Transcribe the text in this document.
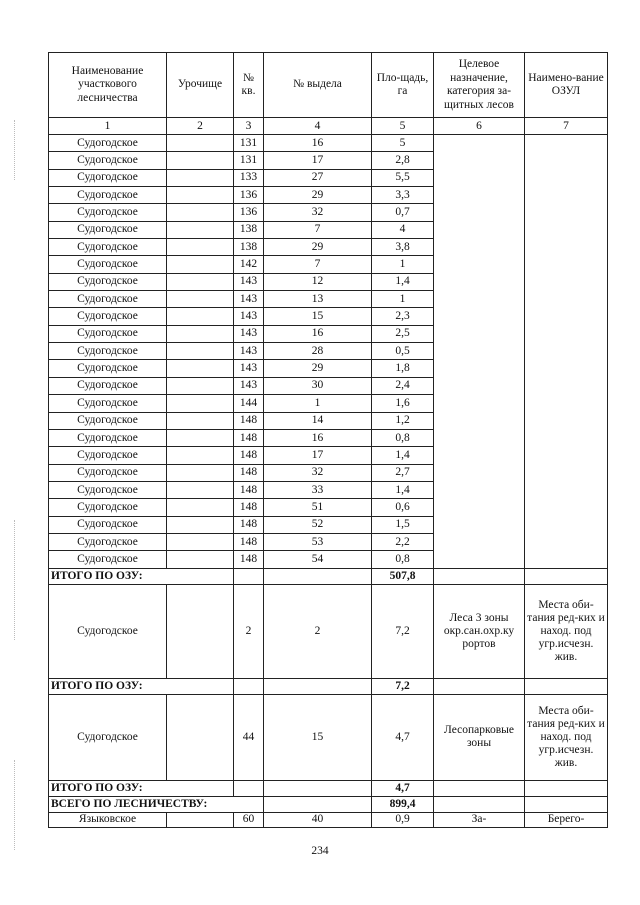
Наименование участкового лесничества	Урочище	№ кв.	№ выдела	Пло-щадь, га	Целевое назначение, категория за-щитных лесов	Наимено-вание ОЗУЛ
1	2	3	4	5	6	7
Судогодское		131	16	5		
Судогодское		131	17	2,8		
Судогодское		133	27	5,5		
Судогодское		136	29	3,3		
Судогодское		136	32	0,7		
Судогодское		138	7	4		
Судогодское		138	29	3,8		
Судогодское		142	7	1		
Судогодское		143	12	1,4		
Судогодское		143	13	1		
Судогодское		143	15	2,3		
Судогодское		143	16	2,5		
Судогодское		143	28	0,5		
Судогодское		143	29	1,8		
Судогодское		143	30	2,4		
Судогодское		144	1	1,6		
Судогодское		148	14	1,2		
Судогодское		148	16	0,8		
Судогодское		148	17	1,4		
Судогодское		148	32	2,7		
Судогодское		148	33	1,4		
Судогодское		148	51	0,6		
Судогодское		148	52	1,5		
Судогодское		148	53	2,2		
Судогодское		148	54	0,8		
ИТОГО ПО ОЗУ:				507,8		
Судогодское		2	2	7,2	Леса 3 зоны окр.сан.охр.ку рортов	Места оби-тания ред-ких и наход. под угр.исчезн. жив.
ИТОГО ПО ОЗУ:				7,2		
Судогодское		44	15	4,7	Лесопарковые зоны	Места оби-тания ред-ких и наход. под угр.исчезн. жив.
ИТОГО ПО ОЗУ:				4,7		
ВСЕГО ПО ЛЕСНИЧЕСТВУ:				899,4		
Языковское		60	40	0,9	За-	Берего-
234
